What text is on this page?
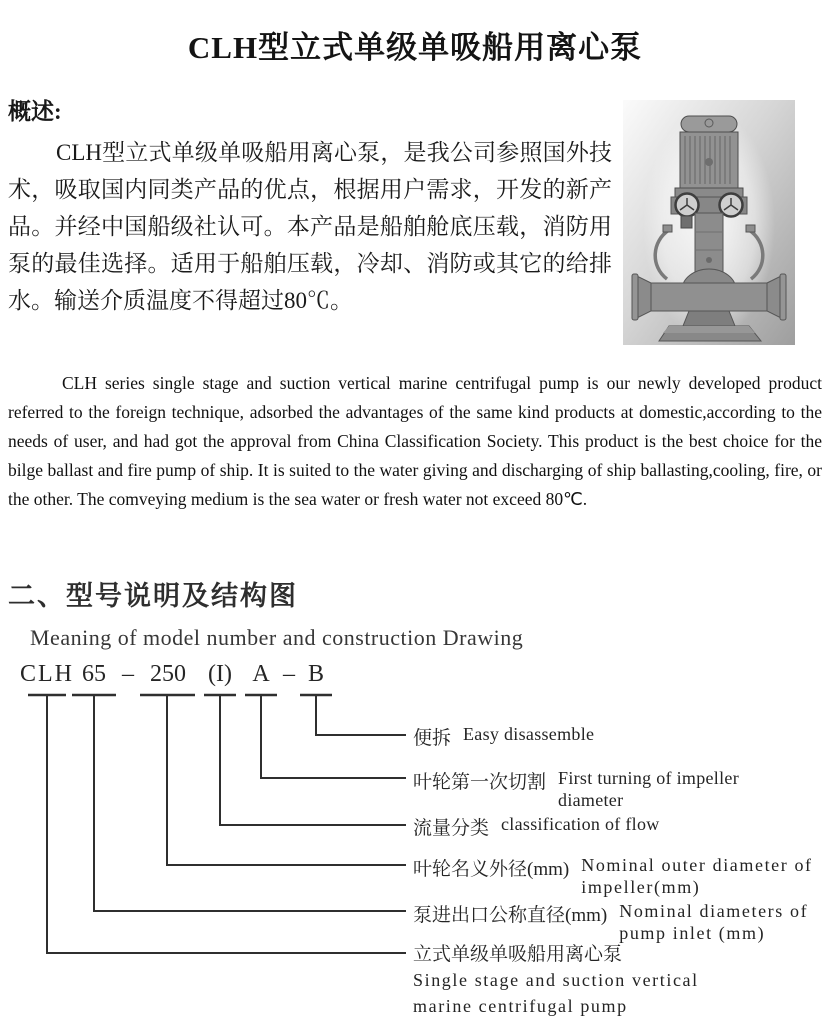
CLH型立式单级单吸船用离心泵
概述:

CLH型立式单级单吸船用离心泵，是我公司参照国外技术，吸取国内同类产品的优点，根据用户需求，开发的新产品。并经中国船级社认可。本产品是船舶舱底压载，消防用泵的最佳选择。适用于船舶压载，冷却、消防或其它的给排水。输送介质温度不得超过80℃。

CLH series single stage and suction vertical marine centrifugal pump is our newly developed product referred to the foreign technique, adsorbed the advantages of the same kind products at domestic,according to the needs of user, and had got the approval from China Classification Society. This product is the best choice for the bilge ballast and fire pump of ship. It is suited to the water giving and discharging of ship ballasting,cooling, fire, or the other. The comveying medium is the sea water or fresh water not exceed 80℃.

二、型号说明及结构图
Meaning of model number and construction Drawing
CLH 65 – 250 (I) A – B
便拆 Easy disassemble
叶轮第一次切割 First turning of impeller
diameter
流量分类 classification of flow
叶轮名义外径(mm) Nominal outer diameter of
impeller(mm)
泵进出口公称直径(mm) Nominal diameters of
pump inlet (mm)
立式单级单吸船用离心泵
Single stage and suction vertical
marine centrifugal pump
